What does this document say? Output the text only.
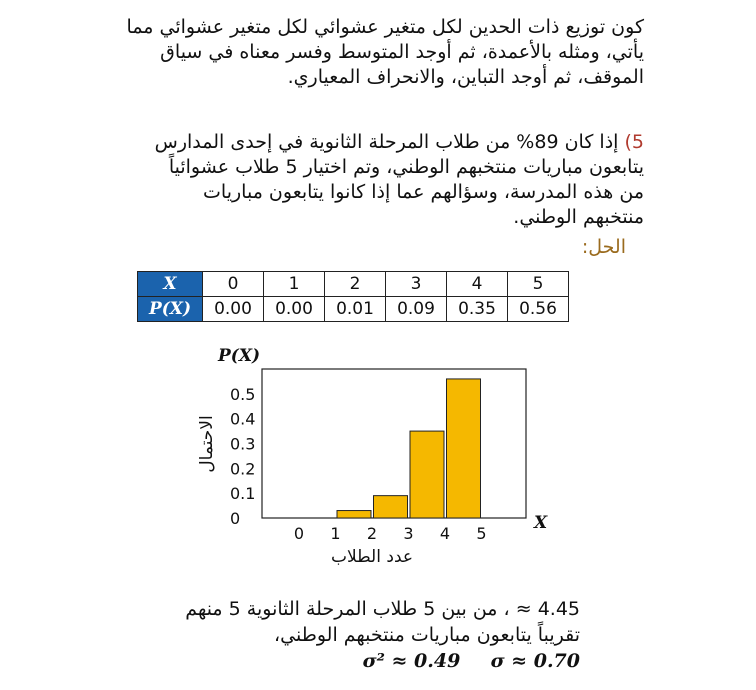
كون توزيع ذات الحدين لكل متغير عشوائي لكل متغير عشوائي مما يأتي، ومثله بالأعمدة، ثم أوجد المتوسط وفسر معناه في سياق الموقف، ثم أوجد التباين، والانحراف المعياري.
5) إذا كان 89% من طلاب المرحلة الثانوية في إحدى المدارس يتابعون مباريات منتخبهم الوطني، وتم اختيار 5 طلاب عشوائياً من هذه المدرسة، وسؤالهم عما إذا كانوا يتابعون مباريات منتخبهم الوطني.
الحل:
X	0	1	2	3	4	5
P(X)	0.00	0.00	0.01	0.09	0.35	0.56
0
0.1
0.2
0.3
0.4
0.5
0 1 2 3 4 5
P(X)
X
الاحتمال
عدد الطلاب
≈ 4.45 ، من بين 5 طلاب المرحلة الثانوية 5 منهم تقريباً يتابعون مباريات منتخبهم الوطني،
σ² ≈ 0.49 σ ≈ 0.70
